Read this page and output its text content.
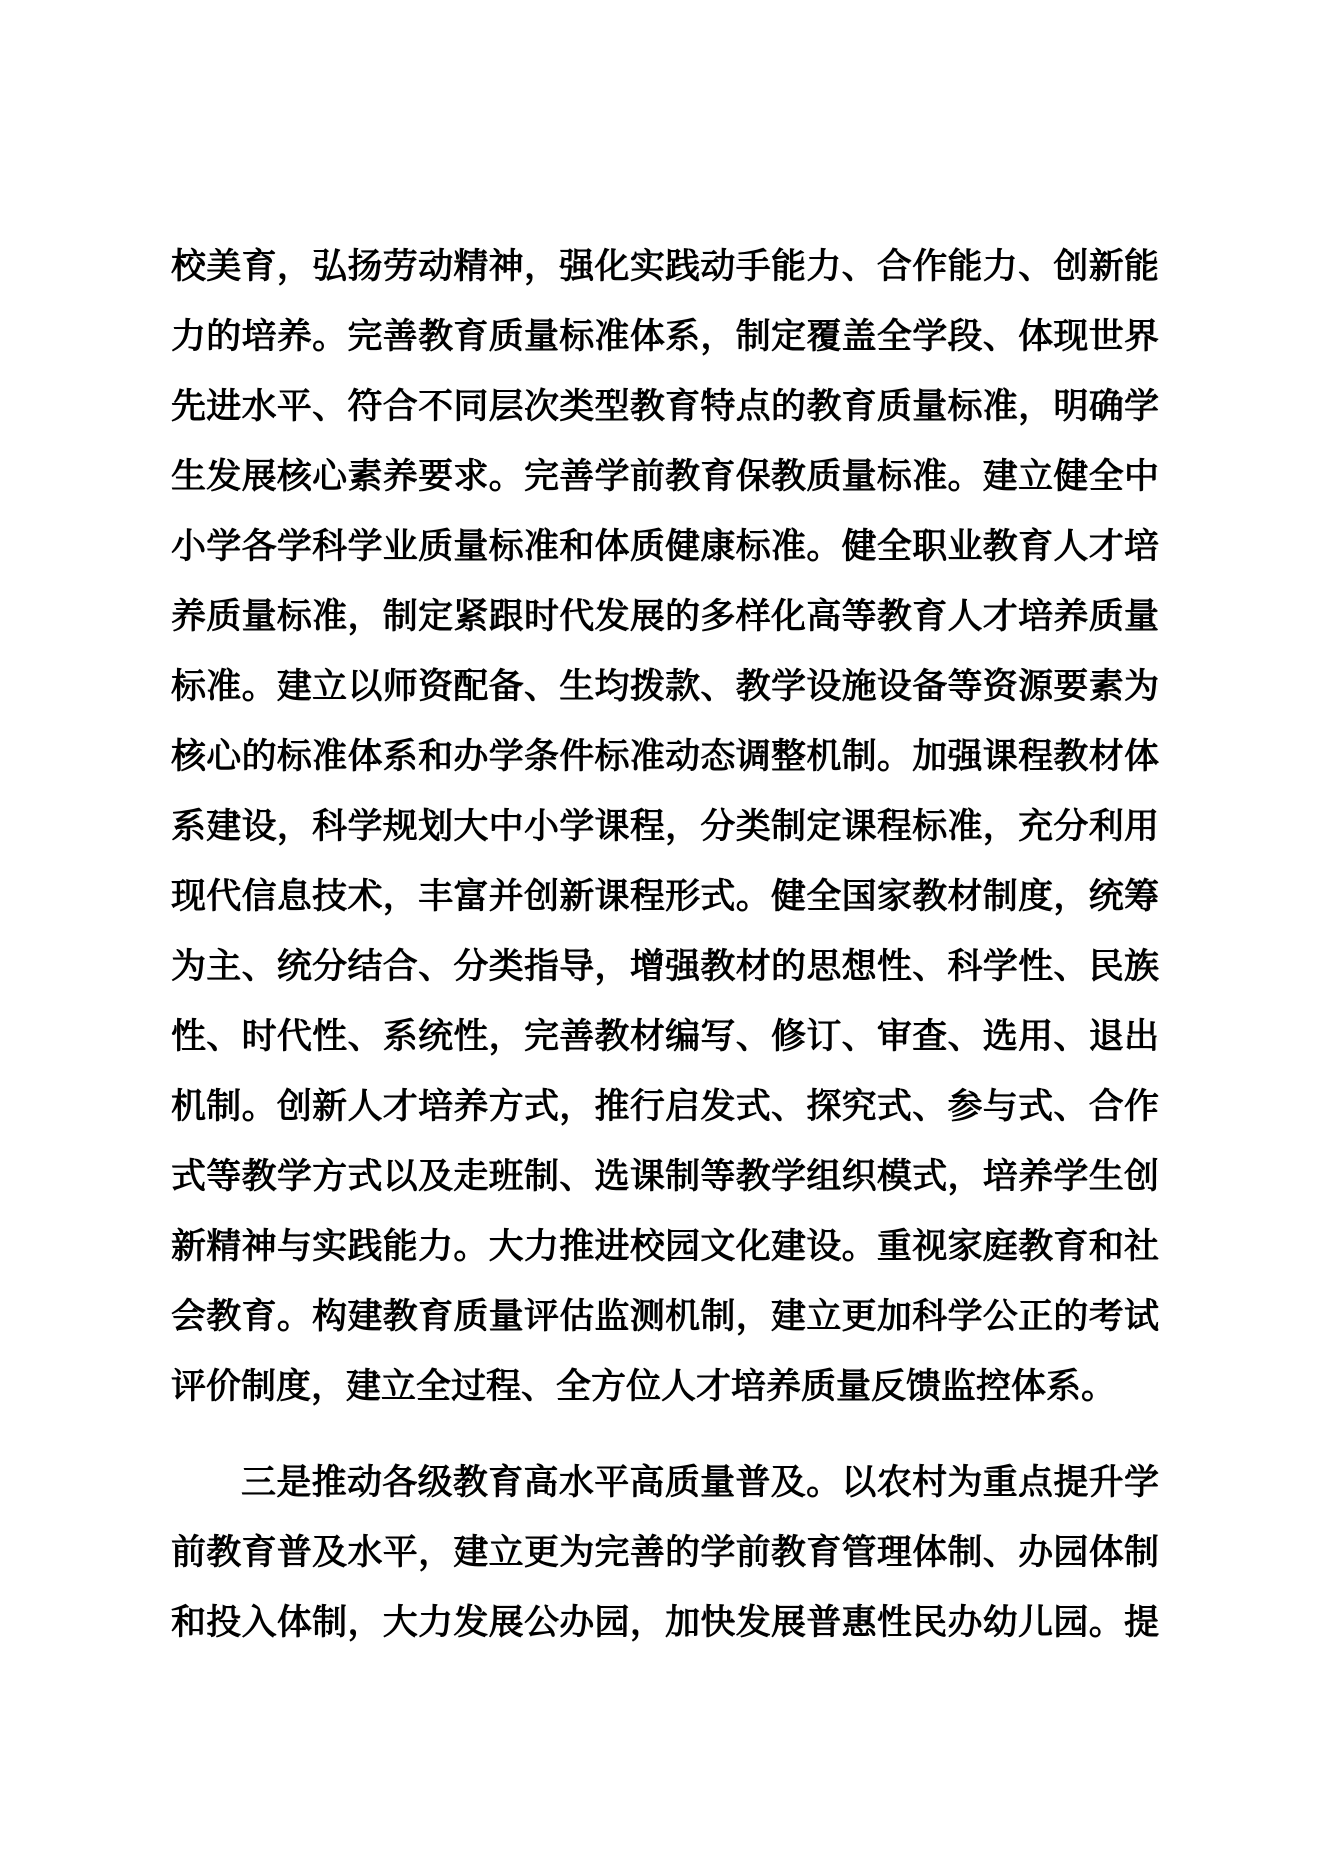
校美育，弘扬劳动精神，强化实践动手能力、合作能力、创新能
力的培养。完善教育质量标准体系，制定覆盖全学段、体现世界
先进水平、符合不同层次类型教育特点的教育质量标准，明确学
生发展核心素养要求。完善学前教育保教质量标准。建立健全中
小学各学科学业质量标准和体质健康标准。健全职业教育人才培
养质量标准，制定紧跟时代发展的多样化高等教育人才培养质量
标准。建立以师资配备、生均拨款、教学设施设备等资源要素为
核心的标准体系和办学条件标准动态调整机制。加强课程教材体
系建设，科学规划大中小学课程，分类制定课程标准，充分利用
现代信息技术，丰富并创新课程形式。健全国家教材制度，统筹
为主、统分结合、分类指导，增强教材的思想性、科学性、民族
性、时代性、系统性，完善教材编写、修订、审查、选用、退出
机制。创新人才培养方式，推行启发式、探究式、参与式、合作
式等教学方式以及走班制、选课制等教学组织模式，培养学生创
新精神与实践能力。大力推进校园文化建设。重视家庭教育和社
会教育。构建教育质量评估监测机制，建立更加科学公正的考试
评价制度，建立全过程、全方位人才培养质量反馈监控体系。
三是推动各级教育高水平高质量普及。以农村为重点提升学
前教育普及水平，建立更为完善的学前教育管理体制、办园体制
和投入体制，大力发展公办园，加快发展普惠性民办幼儿园。提
